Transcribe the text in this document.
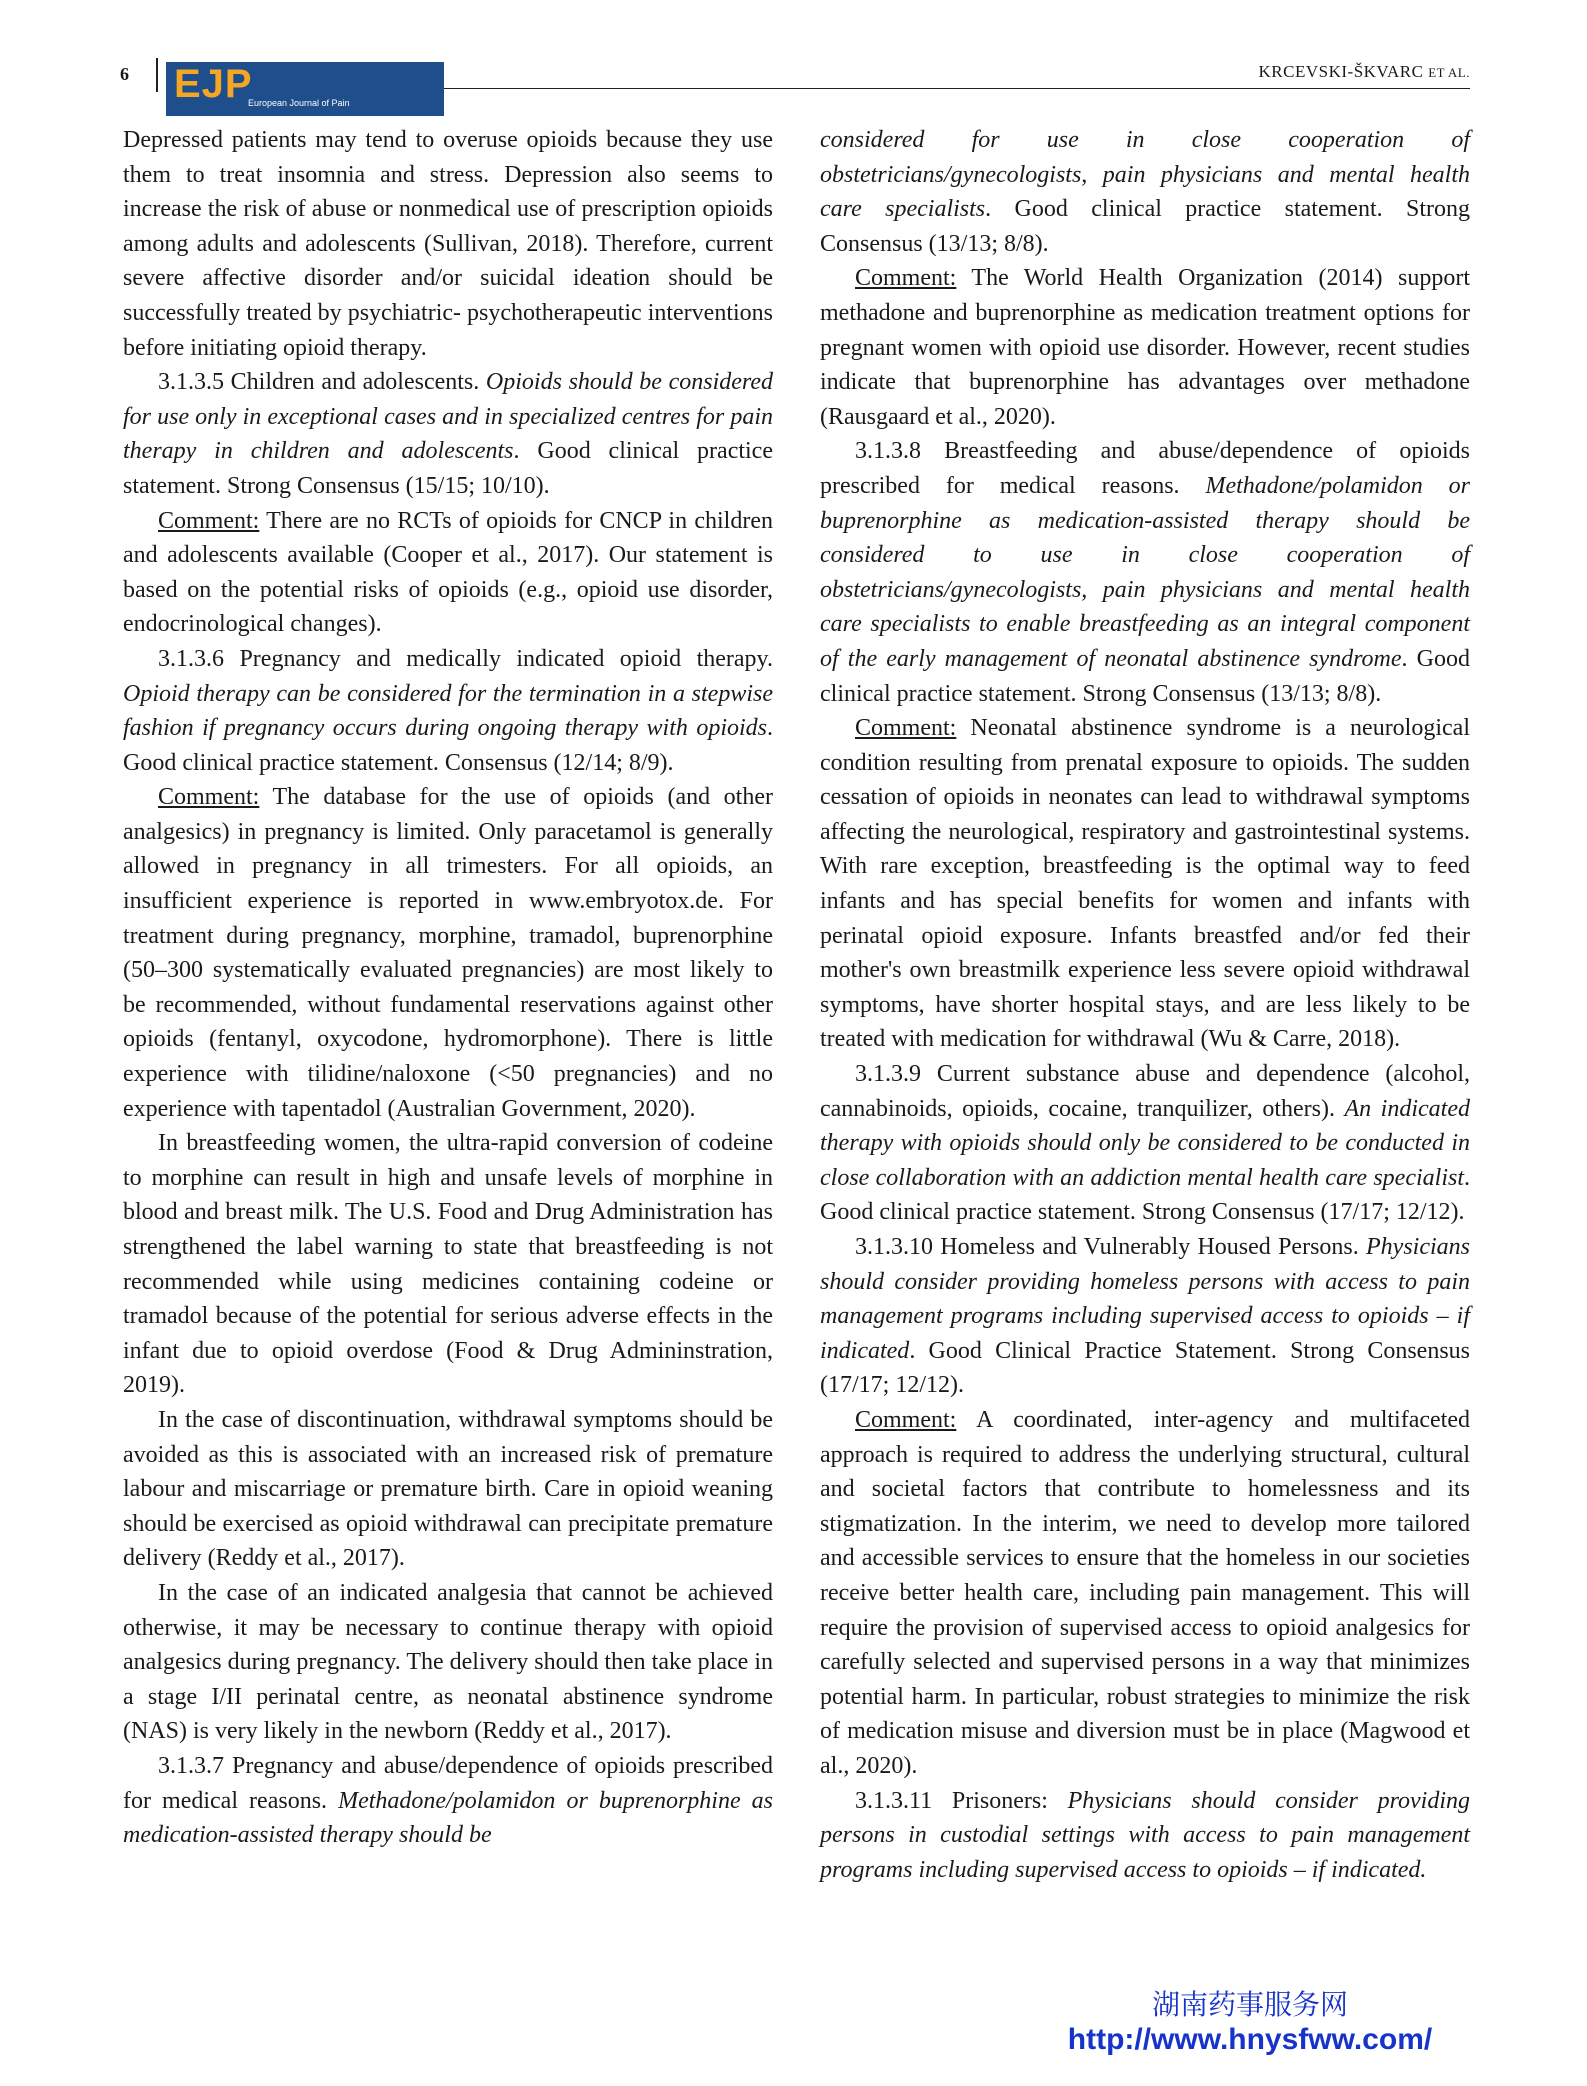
6 EJP
European Journal of Pain
KRCEVSKI-ŠKVARC ET AL.

Depressed patients may tend to overuse opioids because they use them to treat insomnia and stress. Depression also seems to increase the risk of abuse or nonmedical use of prescription opioids among adults and adolescents (Sullivan, 2018). Therefore, current severe affective disorder and/or suicidal ideation should be successfully treated by psychiatric- psychotherapeutic interventions before initiating opioid therapy.

3.1.3.5 Children and adolescents. Opioids should be considered for use only in exceptional cases and in specialized centres for pain therapy in children and adolescents. Good clinical practice statement. Strong Consensus (15/15; 10/10).

Comment: There are no RCTs of opioids for CNCP in children and adolescents available (Cooper et al., 2017). Our statement is based on the potential risks of opioids (e.g., opioid use disorder, endocrinological changes).

3.1.3.6 Pregnancy and medically indicated opioid therapy. Opioid therapy can be considered for the termination in a stepwise fashion if pregnancy occurs during ongoing therapy with opioids. Good clinical practice statement. Consensus (12/14; 8/9).

Comment: The database for the use of opioids (and other analgesics) in pregnancy is limited. Only paracetamol is generally allowed in pregnancy in all trimesters. For all opioids, an insufficient experience is reported in www.embryotox.de. For treatment during pregnancy, morphine, tramadol, buprenorphine (50–300 systematically evaluated pregnancies) are most likely to be recommended, without fundamental reservations against other opioids (fentanyl, oxycodone, hydromorphone). There is little experience with tilidine/naloxone (<50 pregnancies) and no experience with tapentadol (Australian Government, 2020).

In breastfeeding women, the ultra-rapid conversion of codeine to morphine can result in high and unsafe levels of morphine in blood and breast milk. The U.S. Food and Drug Administration has strengthened the label warning to state that breastfeeding is not recommended while using medicines containing codeine or tramadol because of the potential for serious adverse effects in the infant due to opioid overdose (Food & Drug Admininstration, 2019).

In the case of discontinuation, withdrawal symptoms should be avoided as this is associated with an increased risk of premature labour and miscarriage or premature birth. Care in opioid weaning should be exercised as opioid withdrawal can precipitate premature delivery (Reddy et al., 2017).

In the case of an indicated analgesia that cannot be achieved otherwise, it may be necessary to continue therapy with opioid analgesics during pregnancy. The delivery should then take place in a stage I/II perinatal centre, as neonatal abstinence syndrome (NAS) is very likely in the newborn (Reddy et al., 2017).

3.1.3.7 Pregnancy and abuse/dependence of opioids prescribed for medical reasons. Methadone/polamidon or buprenorphine as medication-assisted therapy should be

considered for use in close cooperation of obstetricians/gynecologists, pain physicians and mental health care specialists. Good clinical practice statement. Strong Consensus (13/13; 8/8).

Comment: The World Health Organization (2014) support methadone and buprenorphine as medication treatment options for pregnant women with opioid use disorder. However, recent studies indicate that buprenorphine has advantages over methadone (Rausgaard et al., 2020).

3.1.3.8 Breastfeeding and abuse/dependence of opioids prescribed for medical reasons. Methadone/polamidon or buprenorphine as medication-assisted therapy should be considered to use in close cooperation of obstetricians/gynecologists, pain physicians and mental health care specialists to enable breastfeeding as an integral component of the early management of neonatal abstinence syndrome. Good clinical practice statement. Strong Consensus (13/13; 8/8).

Comment: Neonatal abstinence syndrome is a neurological condition resulting from prenatal exposure to opioids. The sudden cessation of opioids in neonates can lead to withdrawal symptoms affecting the neurological, respiratory and gastrointestinal systems. With rare exception, breastfeeding is the optimal way to feed infants and has special benefits for women and infants with perinatal opioid exposure. Infants breastfed and/or fed their mother's own breastmilk experience less severe opioid withdrawal symptoms, have shorter hospital stays, and are less likely to be treated with medication for withdrawal (Wu & Carre, 2018).

3.1.3.9 Current substance abuse and dependence (alcohol, cannabinoids, opioids, cocaine, tranquilizer, others). An indicated therapy with opioids should only be considered to be conducted in close collaboration with an addiction mental health care specialist. Good clinical practice statement. Strong Consensus (17/17; 12/12).

3.1.3.10 Homeless and Vulnerably Housed Persons. Physicians should consider providing homeless persons with access to pain management programs including supervised access to opioids – if indicated. Good Clinical Practice Statement. Strong Consensus (17/17; 12/12).

Comment: A coordinated, inter-agency and multifaceted approach is required to address the underlying structural, cultural and societal factors that contribute to homelessness and its stigmatization. In the interim, we need to develop more tailored and accessible services to ensure that the homeless in our societies receive better health care, including pain management. This will require the provision of supervised access to opioid analgesics for carefully selected and supervised persons in a way that minimizes potential harm. In particular, robust strategies to minimize the risk of medication misuse and diversion must be in place (Magwood et al., 2020).

3.1.3.11 Prisoners: Physicians should consider providing persons in custodial settings with access to pain management programs including supervised access to opioids – if indicated.

湖南药事服务网
http://www.hnysfww.com/
